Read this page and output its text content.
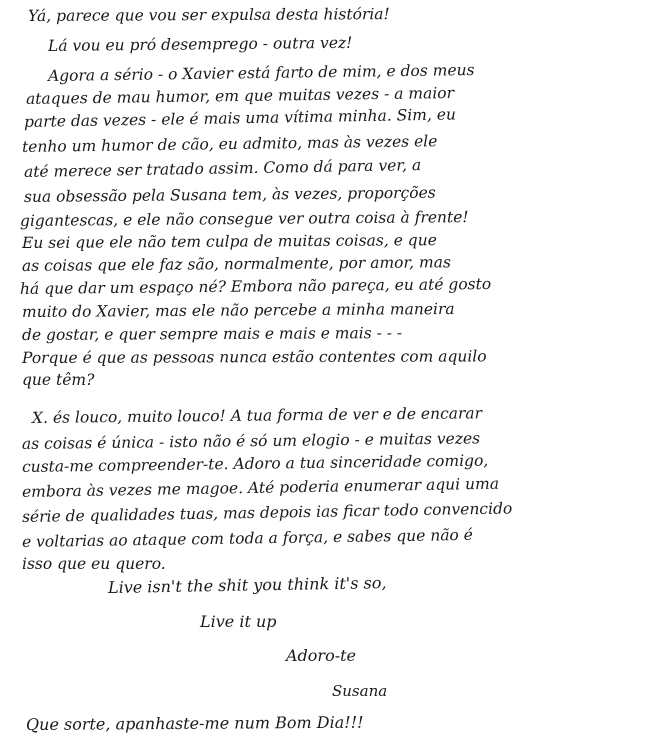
Yá, parece que vou ser expulsa desta história!
Lá vou eu pró desemprego - outra vez!
Agora a sério - o Xavier está farto de mim, e dos meus
ataques de mau humor, em que muitas vezes - a maior
parte das vezes - ele é mais uma vítima minha. Sim, eu
tenho um humor de cão, eu admito, mas às vezes ele
até merece ser tratado assim. Como dá para ver, a
sua obsessão pela Susana tem, às vezes, proporções
gigantescas, e ele não consegue ver outra coisa à frente!
Eu sei que ele não tem culpa de muitas coisas, e que
as coisas que ele faz são, normalmente, por amor, mas
há que dar um espaço né? Embora não pareça, eu até gosto
muito do Xavier, mas ele não percebe a minha maneira
de gostar, e quer sempre mais e mais e mais - - -
Porque é que as pessoas nunca estão contentes com aquilo
que têm?
X. és louco, muito louco! A tua forma de ver e de encarar
as coisas é única - isto não é só um elogio - e muitas vezes
custa-me compreender-te. Adoro a tua sinceridade comigo,
embora às vezes me magoe. Até poderia enumerar aqui uma
série de qualidades tuas, mas depois ias ficar todo convencido
e voltarias ao ataque com toda a força, e sabes que não é
isso que eu quero.
Live isn't the shit you think it's so,
Live it up
Adoro-te
Susana
Que sorte, apanhaste-me num Bom Dia!!!
